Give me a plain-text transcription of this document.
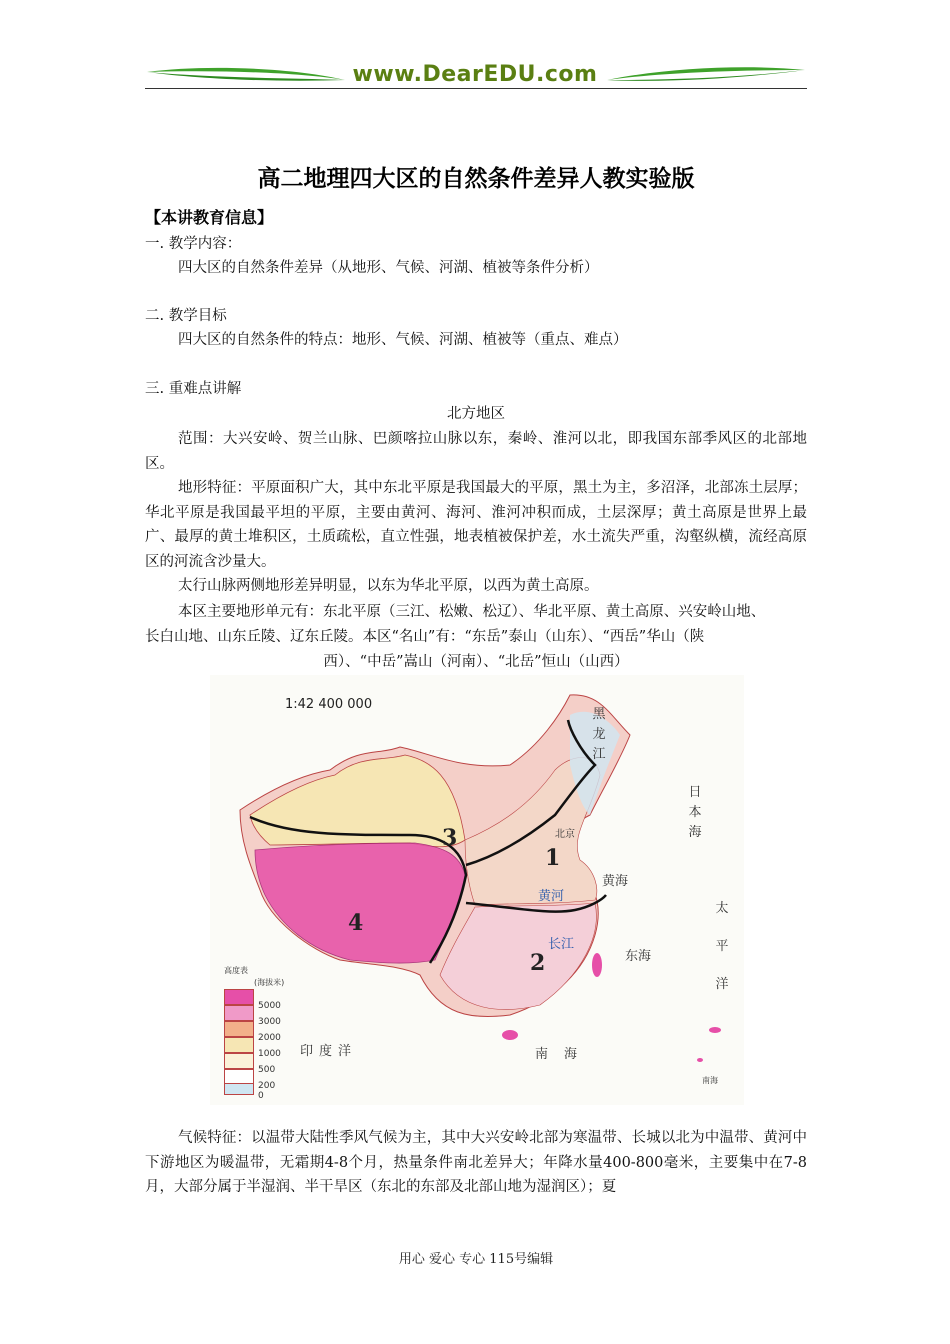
www.DearEDU.com
高二地理四大区的自然条件差异人教实验版
【本讲教育信息】
一. 教学内容：
四大区的自然条件差异（从地形、气候、河湖、植被等条件分析）
二. 教学目标
四大区的自然条件的特点：地形、气候、河湖、植被等（重点、难点）
三. 重难点讲解
北方地区
范围：大兴安岭、贺兰山脉、巴颜喀拉山脉以东，秦岭、淮河以北，即我国东部季风区的北部地区。
地形特征：平原面积广大，其中东北平原是我国最大的平原，黑土为主，多沼泽，北部冻土层厚；华北平原是我国最平坦的平原，主要由黄河、海河、淮河冲积而成，土层深厚；黄土高原是世界上最广、最厚的黄土堆积区，土质疏松，直立性强，地表植被保护差，水土流失严重，沟壑纵横，流经高原区的河流含沙量大。
太行山脉两侧地形差异明显，以东为华北平原，以西为黄土高原。
本区主要地形单元有：东北平原（三江、松嫩、松辽）、华北平原、黄土高原、兴安岭山地、
长白山地、山东丘陵、辽东丘陵。本区“名山”有：“东岳”泰山（山东）、“西岳”华山（陕
西）、“中岳”嵩山（河南）、“北岳”恒山（山西）
1:42 400 000
1
2
3
4
黑龙江
日本海
北京
黄海
黄河
长江
东海
太平洋
南海
印度洋
南海
高度表
(海拔米)
5000
3000
2000
1000
500
200
0
气候特征：以温带大陆性季风气候为主，其中大兴安岭北部为寒温带、长城以北为中温带、黄河中下游地区为暖温带，无霜期4-8个月，热量条件南北差异大；年降水量400-800毫米，主要集中在7-8月，大部分属于半湿润、半干旱区（东北的东部及北部山地为湿润区）；夏
用心 爱心 专心 115号编辑
